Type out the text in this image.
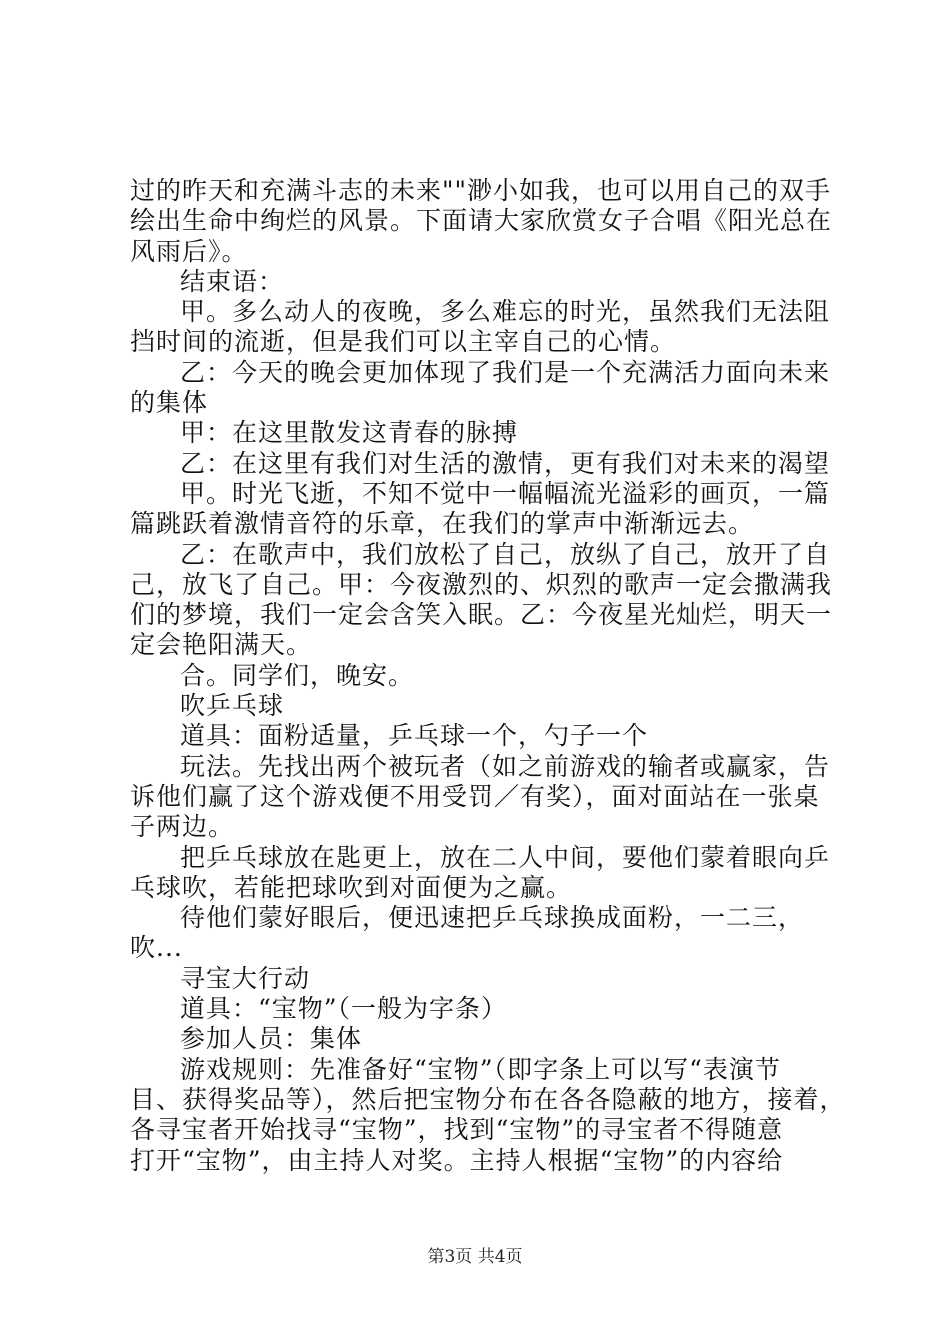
过的昨天和充满斗志的未来""渺小如我，也可以用自己的双手
绘出生命中绚烂的风景。下面请大家欣赏女子合唱《阳光总在
风雨后》。
结束语：
甲。多么动人的夜晚，多么难忘的时光，虽然我们无法阻
挡时间的流逝，但是我们可以主宰自己的心情。
乙：今天的晚会更加体现了我们是一个充满活力面向未来
的集体
甲：在这里散发这青春的脉搏
乙：在这里有我们对生活的激情，更有我们对未来的渴望
甲。时光飞逝，不知不觉中一幅幅流光溢彩的画页，一篇
篇跳跃着激情音符的乐章，在我们的掌声中渐渐远去。
乙：在歌声中，我们放松了自己，放纵了自己，放开了自
己，放飞了自己。甲：今夜激烈的、炽烈的歌声一定会撒满我
们的梦境，我们一定会含笑入眠。乙：今夜星光灿烂，明天一
定会艳阳满天。
合。同学们，晚安。
吹乒乓球
道具：面粉适量，乒乓球一个，勺子一个
玩法。先找出两个被玩者（如之前游戏的输者或赢家，告
诉他们赢了这个游戏便不用受罚／有奖），面对面站在一张桌
子两边。
把乒乓球放在匙更上，放在二人中间，要他们蒙着眼向乒
乓球吹，若能把球吹到对面便为之赢。
待他们蒙好眼后，便迅速把乒乓球换成面粉，一二三，
吹...
寻宝大行动
道具：“宝物”（一般为字条）
参加人员：集体
游戏规则：先准备好“宝物”（即字条上可以写“表演节
目、获得奖品等），然后把宝物分布在各各隐蔽的地方，接着，
各寻宝者开始找寻“宝物”，找到“宝物”的寻宝者不得随意
打开“宝物”，由主持人对奖。主持人根据“宝物”的内容给
第3页 共4页
